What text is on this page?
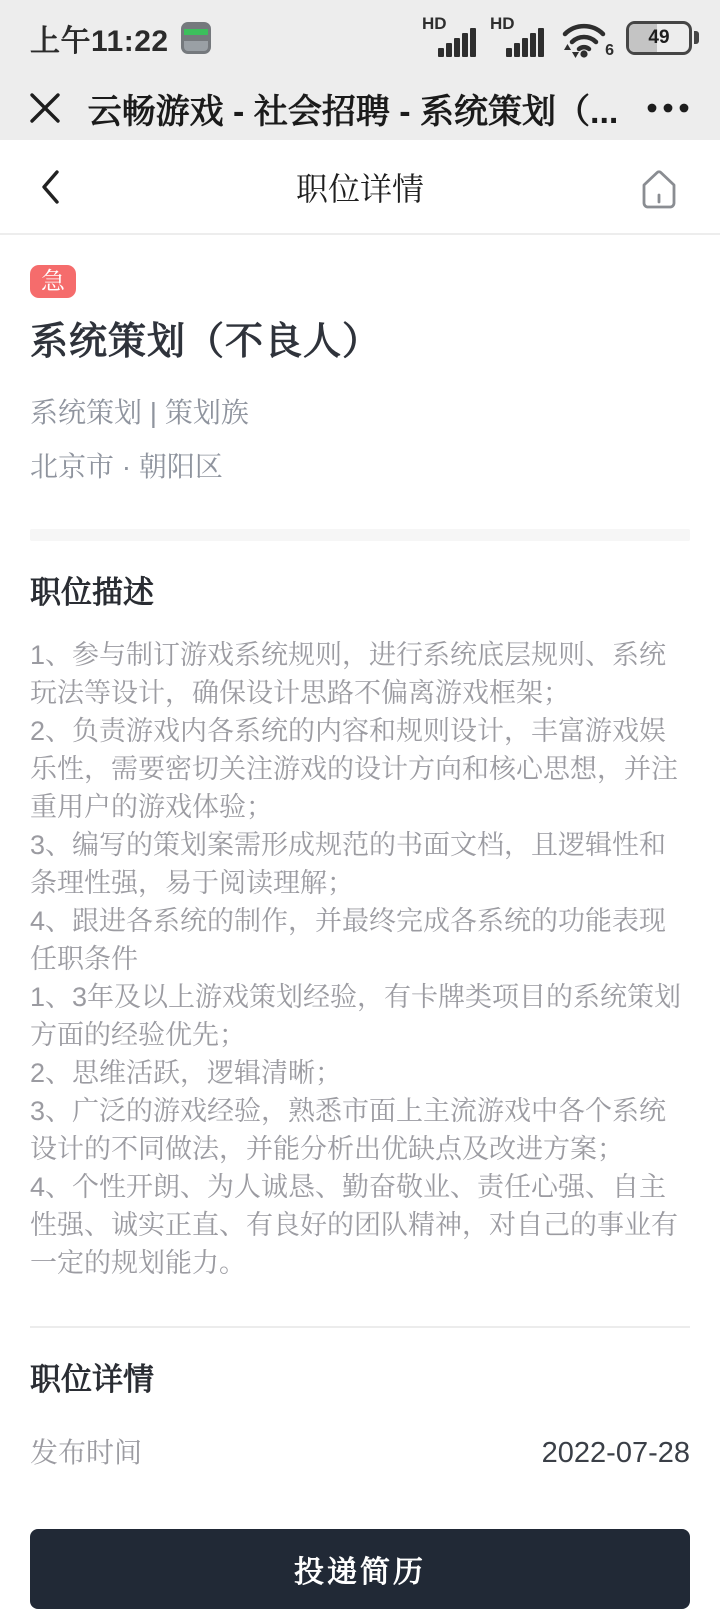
上午11:22
HD	HD
6
49
云畅游戏 - 社会招聘 - 系统策划（...
职位详情
急
系统策划（不良人）
系统策划 | 策划族
北京市 · 朝阳区
职位描述

1、参与制订游戏系统规则，进行系统底层规则、系统玩法等设计，确保设计思路不偏离游戏框架；

2、负责游戏内各系统的内容和规则设计，丰富游戏娱乐性，需要密切关注游戏的设计方向和核心思想，并注重用户的游戏体验；

3、编写的策划案需形成规范的书面文档，且逻辑性和条理性强，易于阅读理解；

4、跟进各系统的制作，并最终完成各系统的功能表现

任职条件

1、3年及以上游戏策划经验，有卡牌类项目的系统策划方面的经验优先；

2、思维活跃，逻辑清晰；

3、广泛的游戏经验，熟悉市面上主流游戏中各个系统设计的不同做法，并能分析出优缺点及改进方案；

4、个性开朗、为人诚恳、勤奋敬业、责任心强、自主性强、诚实正直、有良好的团队精神，对自己的事业有一定的规划能力。

职位详情
发布时间	2022-07-28
投递简历
